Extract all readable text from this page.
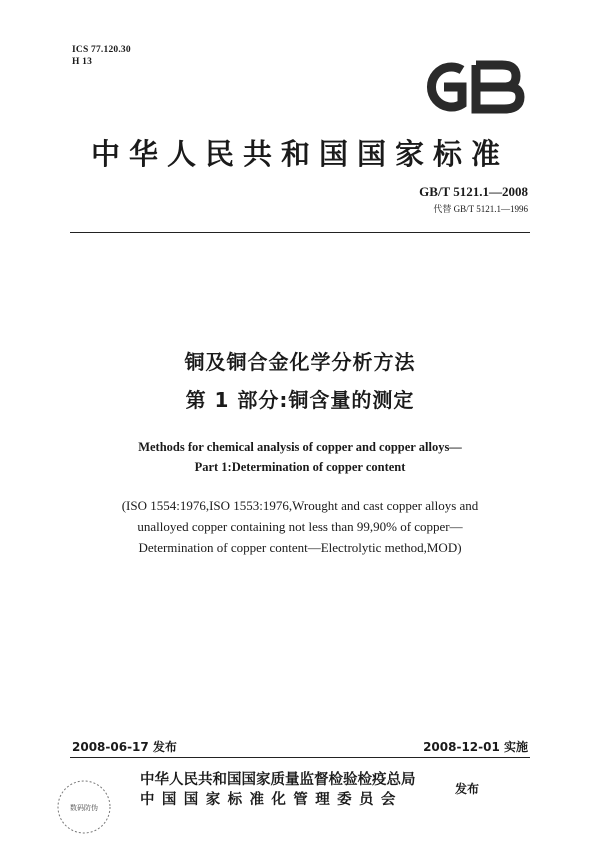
ICS 77.120.30
H 13
GB
中华人民共和国国家标准
GB/T 5121.1—2008
代替 GB/T 5121.1—1996
铜及铜合金化学分析方法
第 1 部分:铜含量的测定
Methods for chemical analysis of copper and copper alloys—
Part 1:Determination of copper content
(ISO 1554:1976,ISO 1553:1976,Wrought and cast copper alloys and
unalloyed copper containing not less than 99,90% of copper—
Determination of copper content—Electrolytic method,MOD)
2008-06-17 发布	2008-12-01 实施
数码防伪
中华人民共和国国家质量监督检验检疫总局
中国国家标准化管理委员会
发布
